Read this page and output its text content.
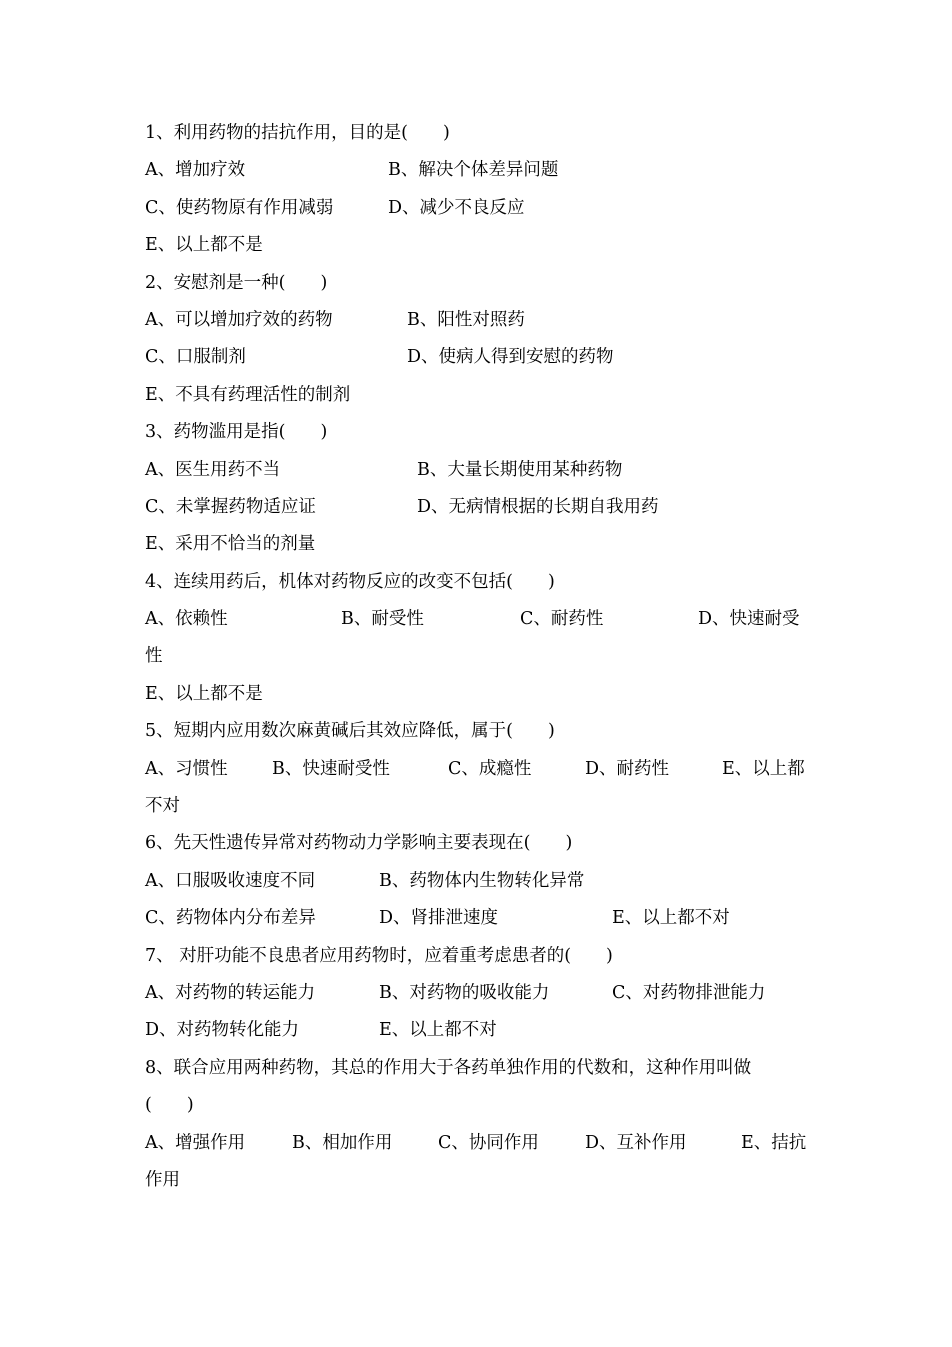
1、利用药物的拮抗作用，目的是(　　)
A、增加疗效	B、解决个体差异问题
C、使药物原有作用减弱	D、减少不良反应
E、以上都不是
2、安慰剂是一种(　　)
A、可以增加疗效的药物	B、阳性对照药
C、口服制剂	D、使病人得到安慰的药物
E、不具有药理活性的制剂
3、药物滥用是指(　　)
A、医生用药不当	B、大量长期使用某种药物
C、未掌握药物适应证	D、无病情根据的长期自我用药
E、采用不恰当的剂量
4、连续用药后，机体对药物反应的改变不包括(　　)
A、依赖性	B、耐受性	C、耐药性	D、快速耐受
性
E、以上都不是
5、短期内应用数次麻黄碱后其效应降低，属于(　　)
A、习惯性	B、快速耐受性	C、成瘾性	D、耐药性	E、以上都
不对
6、先天性遗传异常对药物动力学影响主要表现在(　　)
A、口服吸收速度不同	B、药物体内生物转化异常
C、药物体内分布差异	D、肾排泄速度	E、以上都不对
7、 对肝功能不良患者应用药物时，应着重考虑患者的(　　)
A、对药物的转运能力	B、对药物的吸收能力	C、对药物排泄能力
D、对药物转化能力	E、以上都不对
8、联合应用两种药物，其总的作用大于各药单独作用的代数和，这种作用叫做
(　　)
A、增强作用	B、相加作用	C、协同作用	D、互补作用	E、拮抗
作用
